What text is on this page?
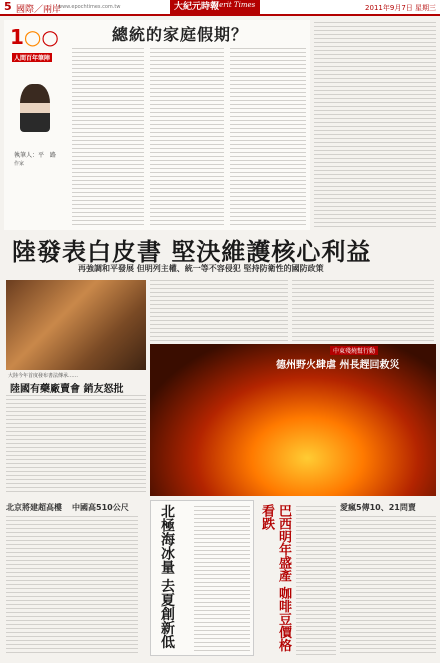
5 國際／兩岸
www.epochtimes.com.tw	大紀元時報
Merit Times	2011年9月7日 星期三
1○○
人間百年筆陣
執筆人：平　路
作家
總統的家庭假期？
陸發表白皮書 堅決維護核心利益
再強調和平發展 但明列主權、統一等不容侵犯 堅持防衛性的國防政策
大陸今年首度發布書法傳承……
陸國有藥廠賣會 銷友怒批
中東殘燒幫行動
德州野火肆虐 州長趕回救災
北京將建超高樓 中國高510公尺 北極海冰量 去夏創新低	巴西明年盛產 咖啡豆價格看跌	愛瘋5傳10、21問賣
